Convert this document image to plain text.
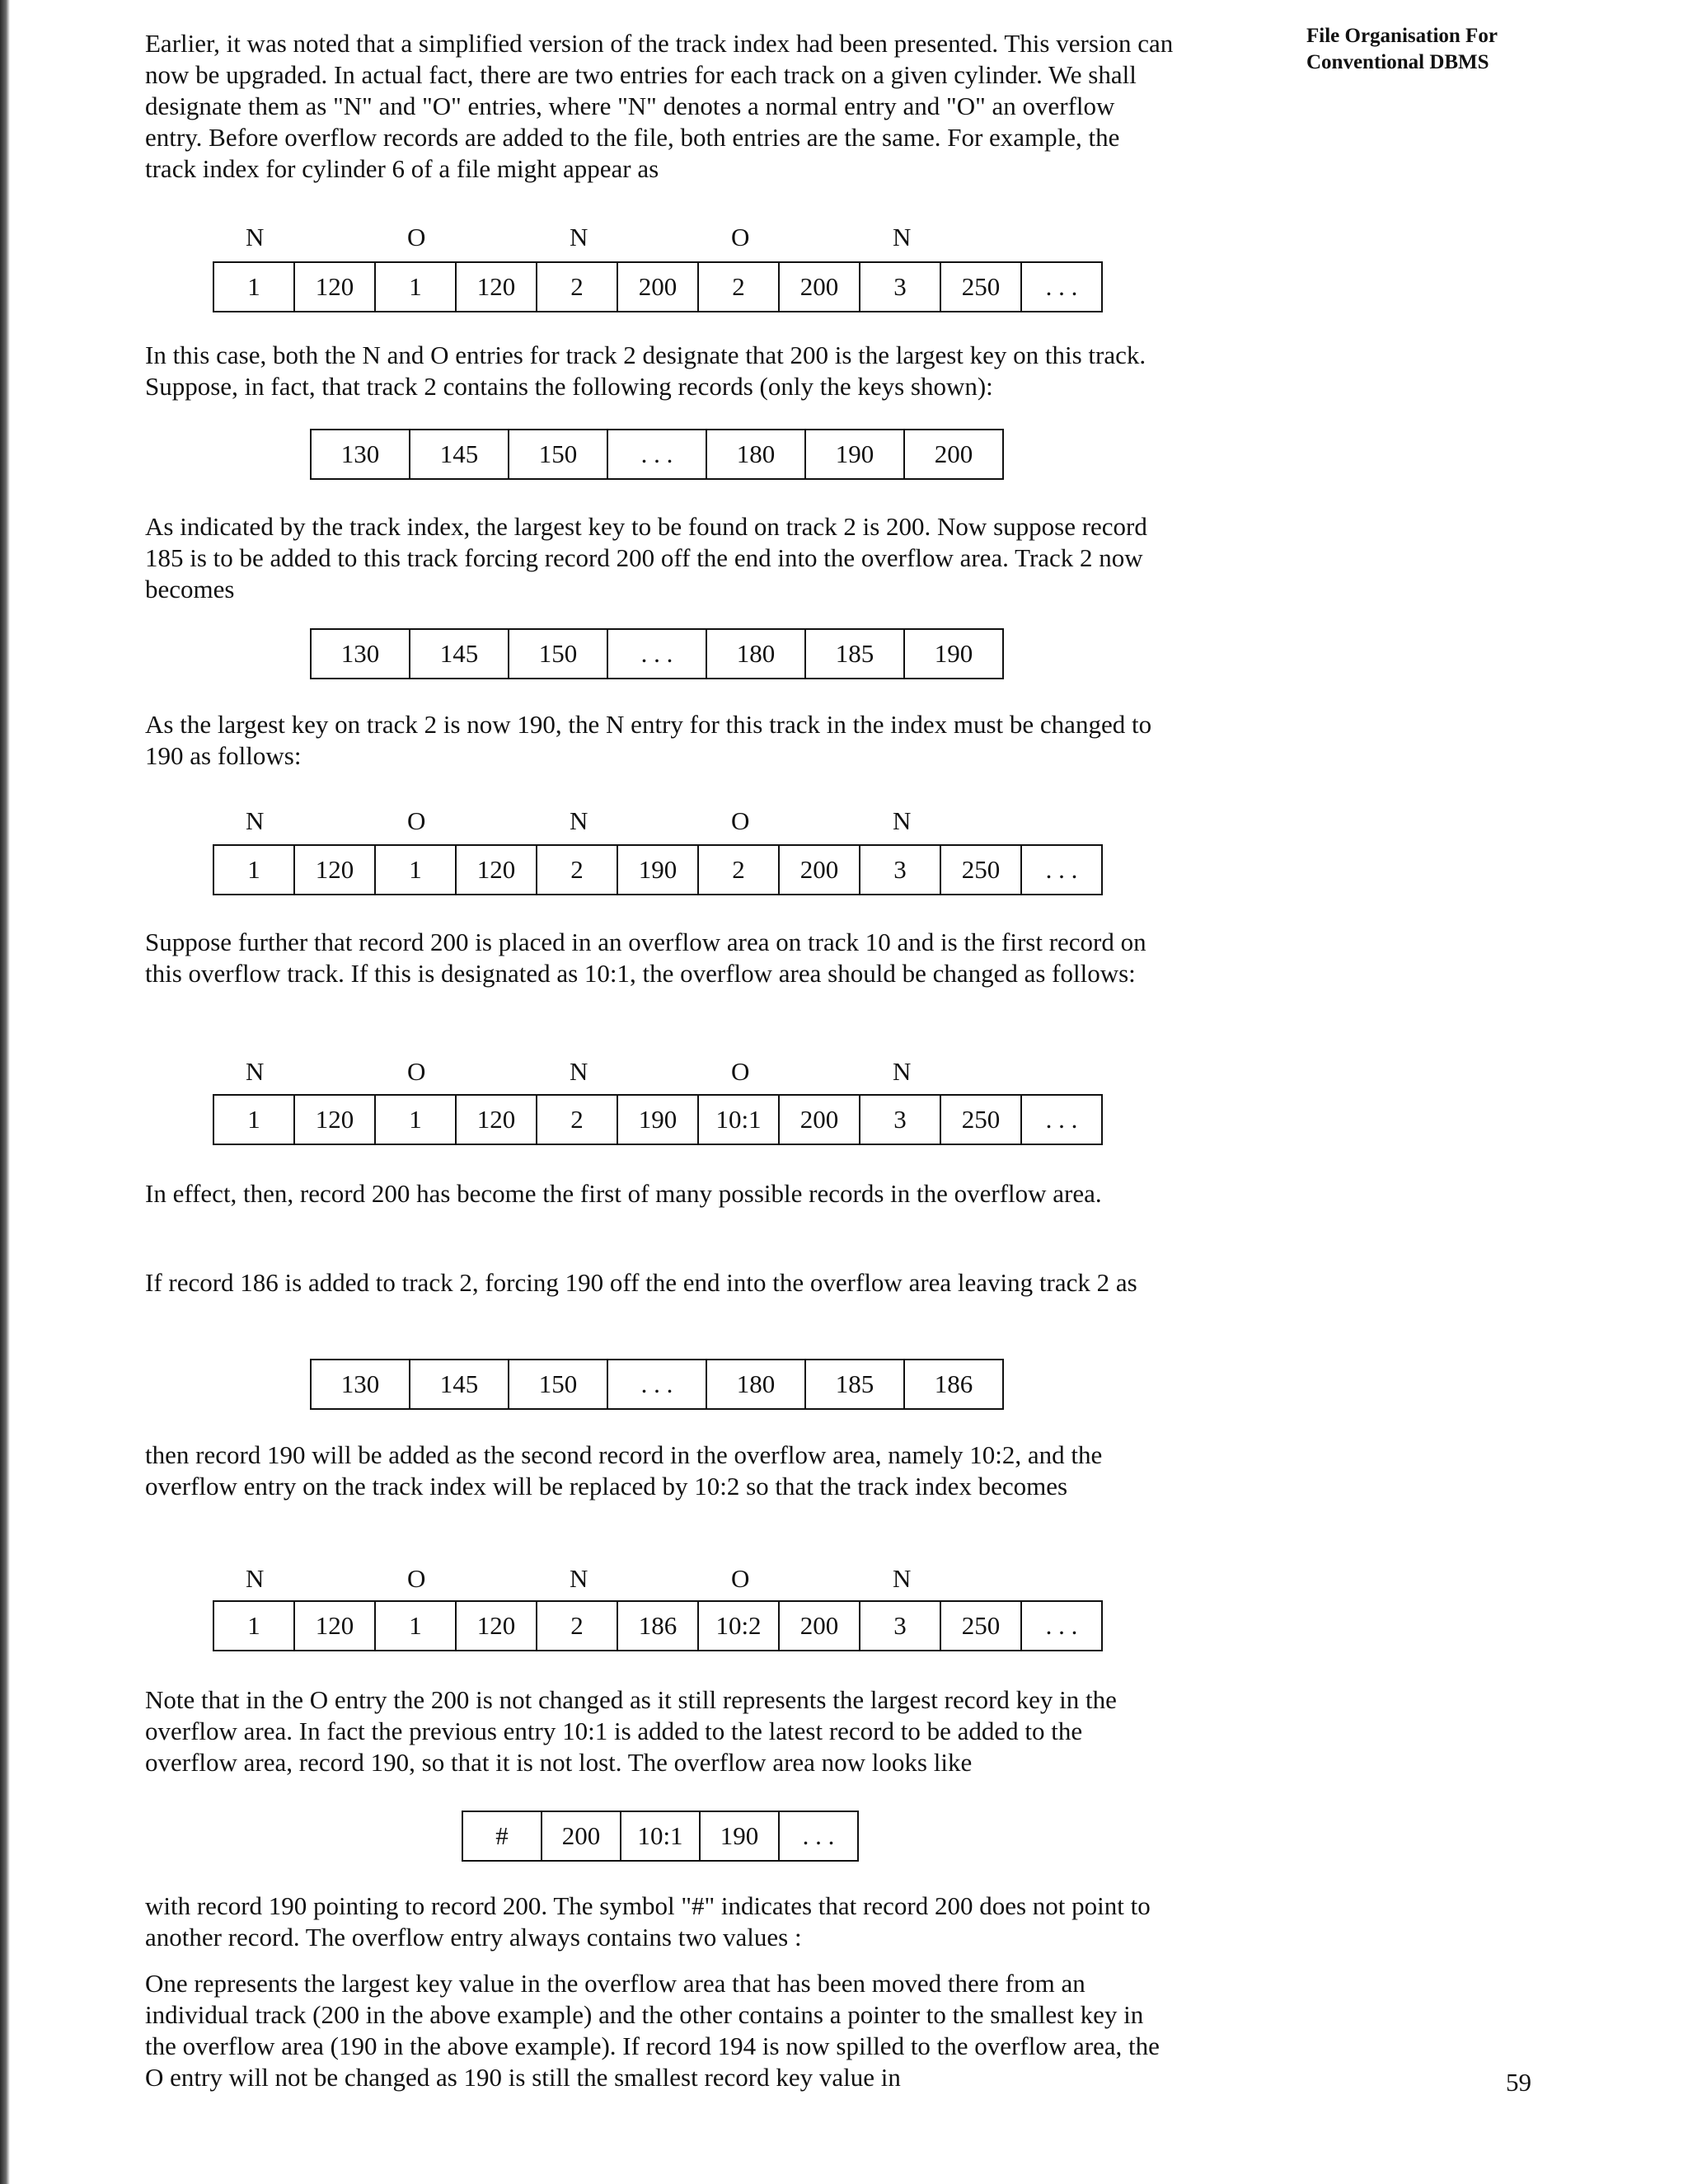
File Organisation For
Conventional DBMS

Earlier, it was noted that a simplified version of the track index had been presented. This version can now be upgraded. In actual fact, there are two entries for each track on a given cylinder. We shall designate them as "N" and "O" entries, where "N" denotes a normal entry and "O" an overflow entry. Before overflow records are added to the file, both entries are the same. For example, the track index for cylinder 6 of a file might appear as

N	O	N	O	N
1	120	1	120	2	200	2	200	3	250	. . .

In this case, both the N and O entries for track 2 designate that 200 is the largest key on this track. Suppose, in fact, that track 2 contains the following records (only the keys shown):

130	145	150	. . .	180	190	200

As indicated by the track index, the largest key to be found on track 2 is 200. Now suppose record 185 is to be added to this track forcing record 200 off the end into the overflow area. Track 2 now becomes

130	145	150	. . .	180	185	190

As the largest key on track 2 is now 190, the N entry for this track in the index must be changed to 190 as follows:

N	O	N	O	N
1	120	1	120	2	190	2	200	3	250	. . .

Suppose further that record 200 is placed in an overflow area on track 10 and is the first record on this overflow track. If this is designated as 10:1, the overflow area should be changed as follows:

N	O	N	O	N
1	120	1	120	2	190	10:1	200	3	250	. . .

In effect, then, record 200 has become the first of many possible records in the overflow area.

If record 186 is added to track 2, forcing 190 off the end into the overflow area leaving track 2 as

130	145	150	. . .	180	185	186

then record 190 will be added as the second record in the overflow area, namely 10:2, and the overflow entry on the track index will be replaced by 10:2 so that the track index becomes

N	O	N	O	N
1	120	1	120	2	186	10:2	200	3	250	. . .

Note that in the O entry the 200 is not changed as it still represents the largest record key in the overflow area. In fact the previous entry 10:1 is added to the latest record to be added to the overflow area, record 190, so that it is not lost. The overflow area now looks like

#	200	10:1	190	. . .

with record 190 pointing to record 200. The symbol "#" indicates that record 200 does not point to another record. The overflow entry always contains two values :

One represents the largest key value in the overflow area that has been moved there from an individual track (200 in the above example) and the other contains a pointer to the smallest key in the overflow area (190 in the above example). If record 194 is now spilled to the overflow area, the O entry will not be changed as 190 is still the smallest record key value in	59
